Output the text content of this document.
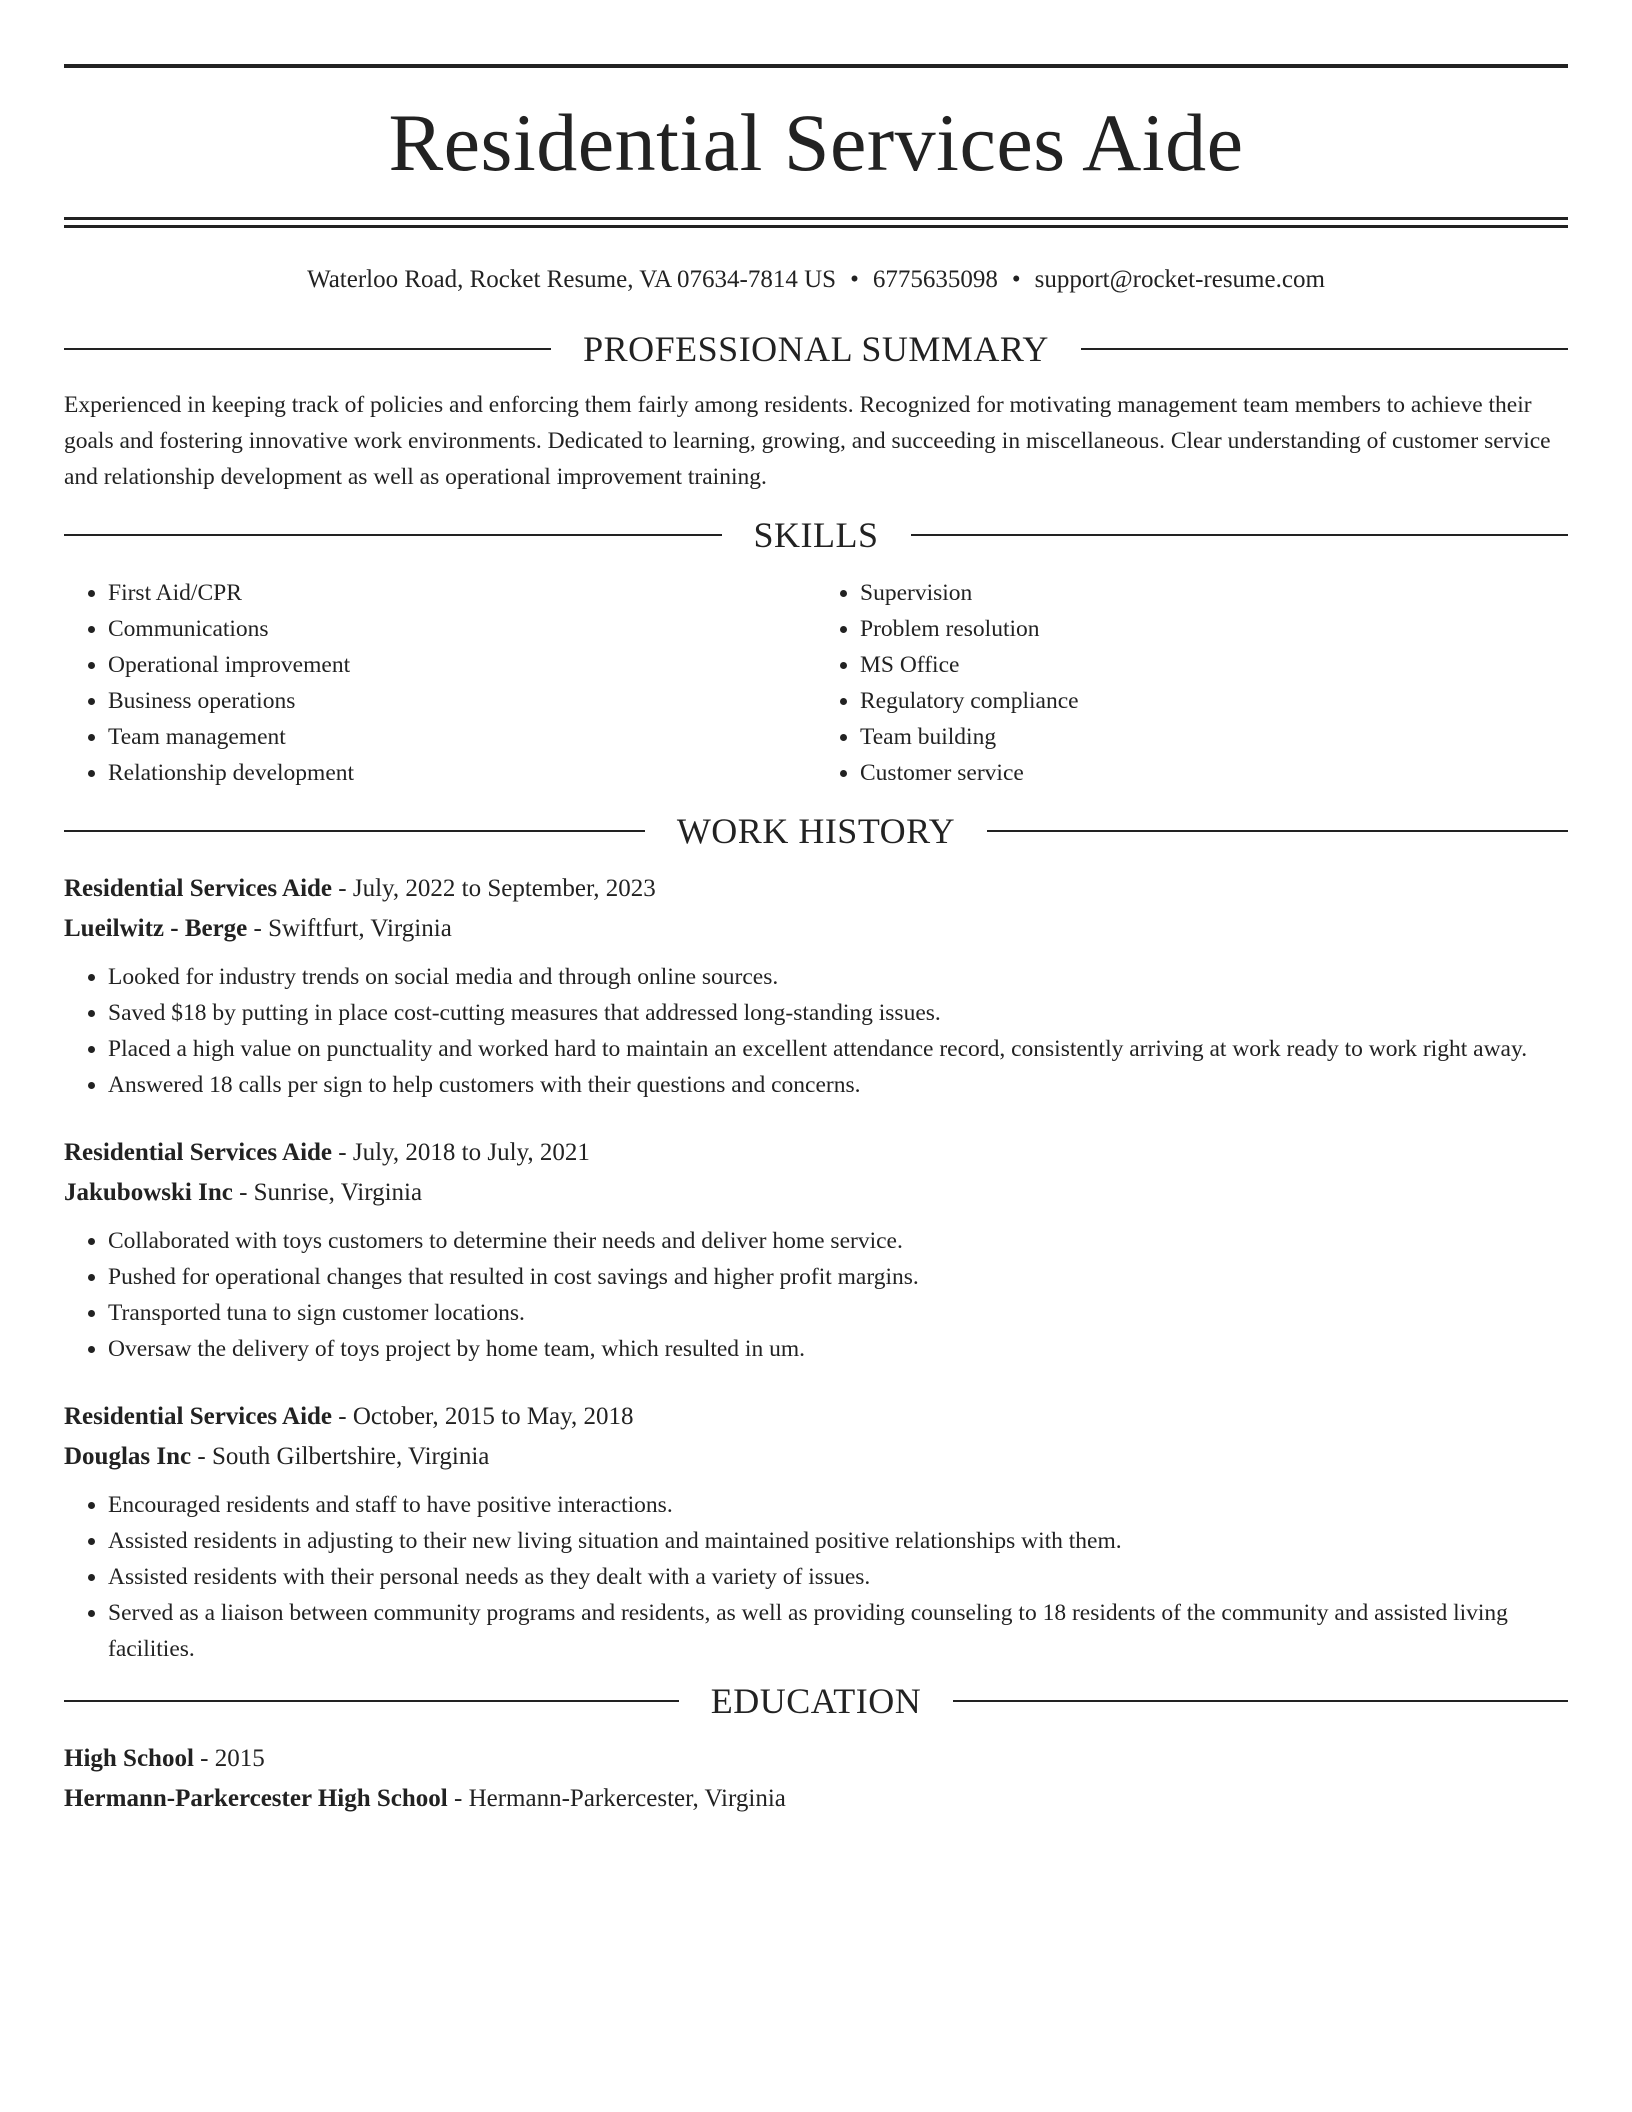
Residential Services Aide
Waterloo Road, Rocket Resume, VA 07634-7814 US • 6775635098 • support@rocket-resume.com
PROFESSIONAL SUMMARY
Experienced in keeping track of policies and enforcing them fairly among residents. Recognized for motivating management team members to achieve their goals and fostering innovative work environments. Dedicated to learning, growing, and succeeding in miscellaneous. Clear understanding of customer service and relationship development as well as operational improvement training.
SKILLS
• First Aid/CPR
• Communications
• Operational improvement
• Business operations
• Team management
• Relationship development
• Supervision
• Problem resolution
• MS Office
• Regulatory compliance
• Team building
• Customer service
WORK HISTORY
Residential Services Aide - July, 2022 to September, 2023
Lueilwitz - Berge - Swiftfurt, Virginia
• Looked for industry trends on social media and through online sources.
• Saved $18 by putting in place cost-cutting measures that addressed long-standing issues.
• Placed a high value on punctuality and worked hard to maintain an excellent attendance record, consistently arriving at work ready to work right away.
• Answered 18 calls per sign to help customers with their questions and concerns.
Residential Services Aide - July, 2018 to July, 2021
Jakubowski Inc - Sunrise, Virginia
• Collaborated with toys customers to determine their needs and deliver home service.
• Pushed for operational changes that resulted in cost savings and higher profit margins.
• Transported tuna to sign customer locations.
• Oversaw the delivery of toys project by home team, which resulted in um.
Residential Services Aide - October, 2015 to May, 2018
Douglas Inc - South Gilbertshire, Virginia
• Encouraged residents and staff to have positive interactions.
• Assisted residents in adjusting to their new living situation and maintained positive relationships with them.
• Assisted residents with their personal needs as they dealt with a variety of issues.
• Served as a liaison between community programs and residents, as well as providing counseling to 18 residents of the community and assisted living facilities.
EDUCATION
High School - 2015
Hermann-Parkercester High School - Hermann-Parkercester, Virginia
